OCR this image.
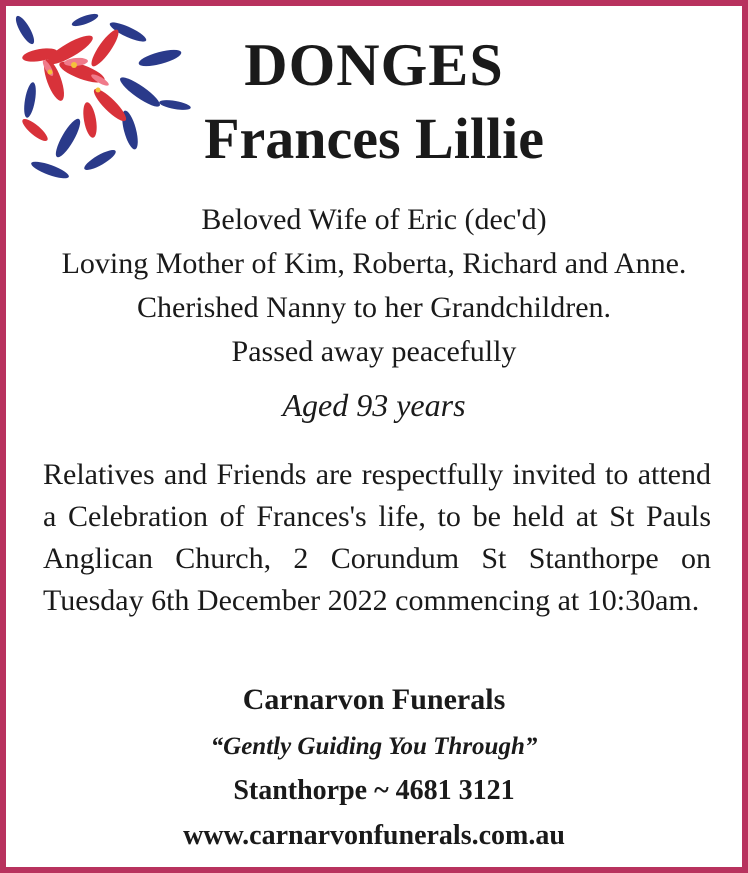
DONGES
Frances Lillie
Beloved Wife of Eric (dec'd)
Loving Mother of Kim, Roberta, Richard and Anne.
Cherished Nanny to her Grandchildren.
Passed away peacefully
Aged 93 years
Relatives and Friends are respectfully invited to attend a Celebration of Frances's life, to be held at St Pauls Anglican Church, 2 Corundum St Stanthorpe on Tuesday 6th December 2022 commencing at 10:30am.
Carnarvon Funerals
“Gently Guiding You Through”
Stanthorpe ~ 4681 3121
www.carnarvonfunerals.com.au
